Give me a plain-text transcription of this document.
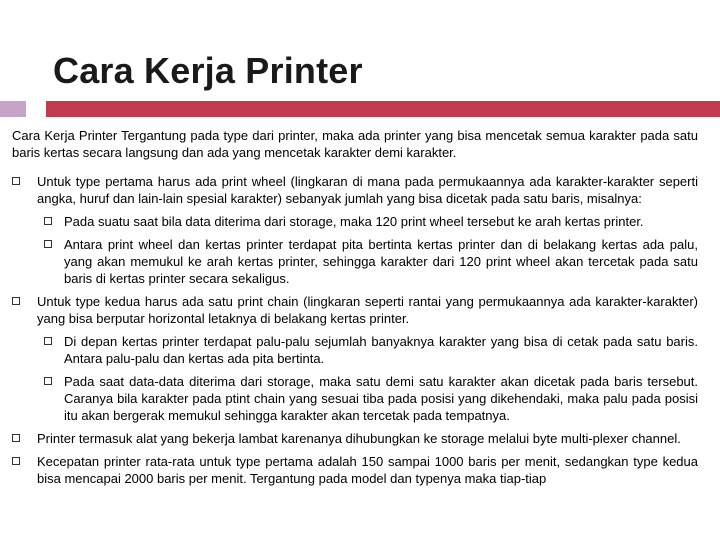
Cara Kerja Printer

Cara Kerja Printer Tergantung pada type dari printer, maka ada printer yang bisa mencetak semua karakter pada satu baris kertas secara langsung dan ada yang mencetak karakter demi karakter.

Untuk type pertama harus ada print wheel (lingkaran di mana pada permukaannya ada karakter-karakter seperti angka, huruf dan lain-lain spesial karakter) sebanyak jumlah yang bisa dicetak pada satu baris, misalnya:
Pada suatu saat bila data diterima dari storage, maka 120 print wheel tersebut ke arah kertas printer.
Antara print wheel dan kertas printer terdapat pita bertinta kertas printer dan di belakang kertas ada palu, yang akan memukul ke arah kertas printer, sehingga karakter dari 120 print wheel akan tercetak pada satu baris di kertas printer secara sekaligus.
Untuk type kedua harus ada satu print chain (lingkaran seperti rantai yang permukaannya ada karakter-karakter) yang bisa berputar horizontal letaknya di belakang kertas printer.
Di depan kertas printer terdapat palu-palu sejumlah banyaknya karakter yang bisa di cetak pada satu baris. Antara palu-palu dan kertas ada pita bertinta.
Pada saat data-data diterima dari storage, maka satu demi satu karakter akan dicetak pada baris tersebut. Caranya bila karakter pada ptint chain yang sesuai tiba pada posisi yang dikehendaki, maka palu pada posisi itu akan bergerak memukul sehingga karakter akan tercetak pada tempatnya.
Printer termasuk alat yang bekerja lambat karenanya dihubungkan ke storage melalui byte multi-plexer channel.
Kecepatan printer rata-rata untuk type pertama adalah 150 sampai 1000 baris per menit, sedangkan type kedua bisa mencapai 2000 baris per menit. Tergantung pada model dan typenya maka tiap-tiap
